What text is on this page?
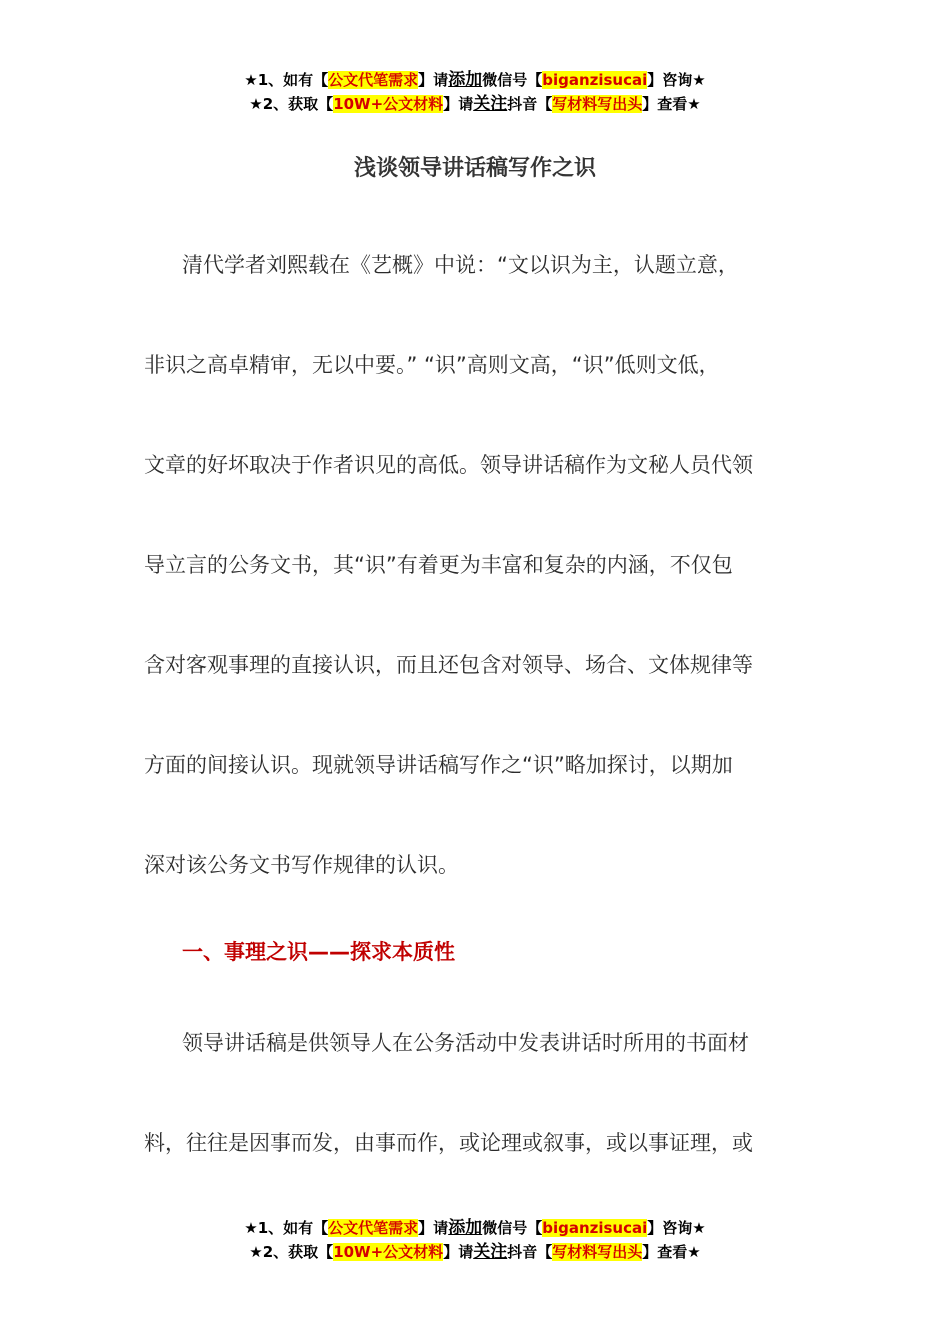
★1、如有【公文代笔需求】请添加微信号【biganzisucai】咨询★
★2、获取【10W+公文材料】请关注抖音【写材料写出头】查看★
浅谈领导讲话稿写作之识
清代学者刘熙载在《艺概》中说：“文以识为主，认题立意，
非识之高卓精审，无以中要。” “识”高则文高，“识”低则文低，
文章的好坏取决于作者识见的高低。领导讲话稿作为文秘人员代领
导立言的公务文书，其“识”有着更为丰富和复杂的内涵，不仅包
含对客观事理的直接认识，而且还包含对领导、场合、文体规律等
方面的间接认识。现就领导讲话稿写作之“识”略加探讨，以期加
深对该公务文书写作规律的认识。
一、事理之识——探求本质性
领导讲话稿是供领导人在公务活动中发表讲话时所用的书面材
料，往往是因事而发，由事而作，或论理或叙事，或以事证理，或
★1、如有【公文代笔需求】请添加微信号【biganzisucai】咨询★
★2、获取【10W+公文材料】请关注抖音【写材料写出头】查看★
